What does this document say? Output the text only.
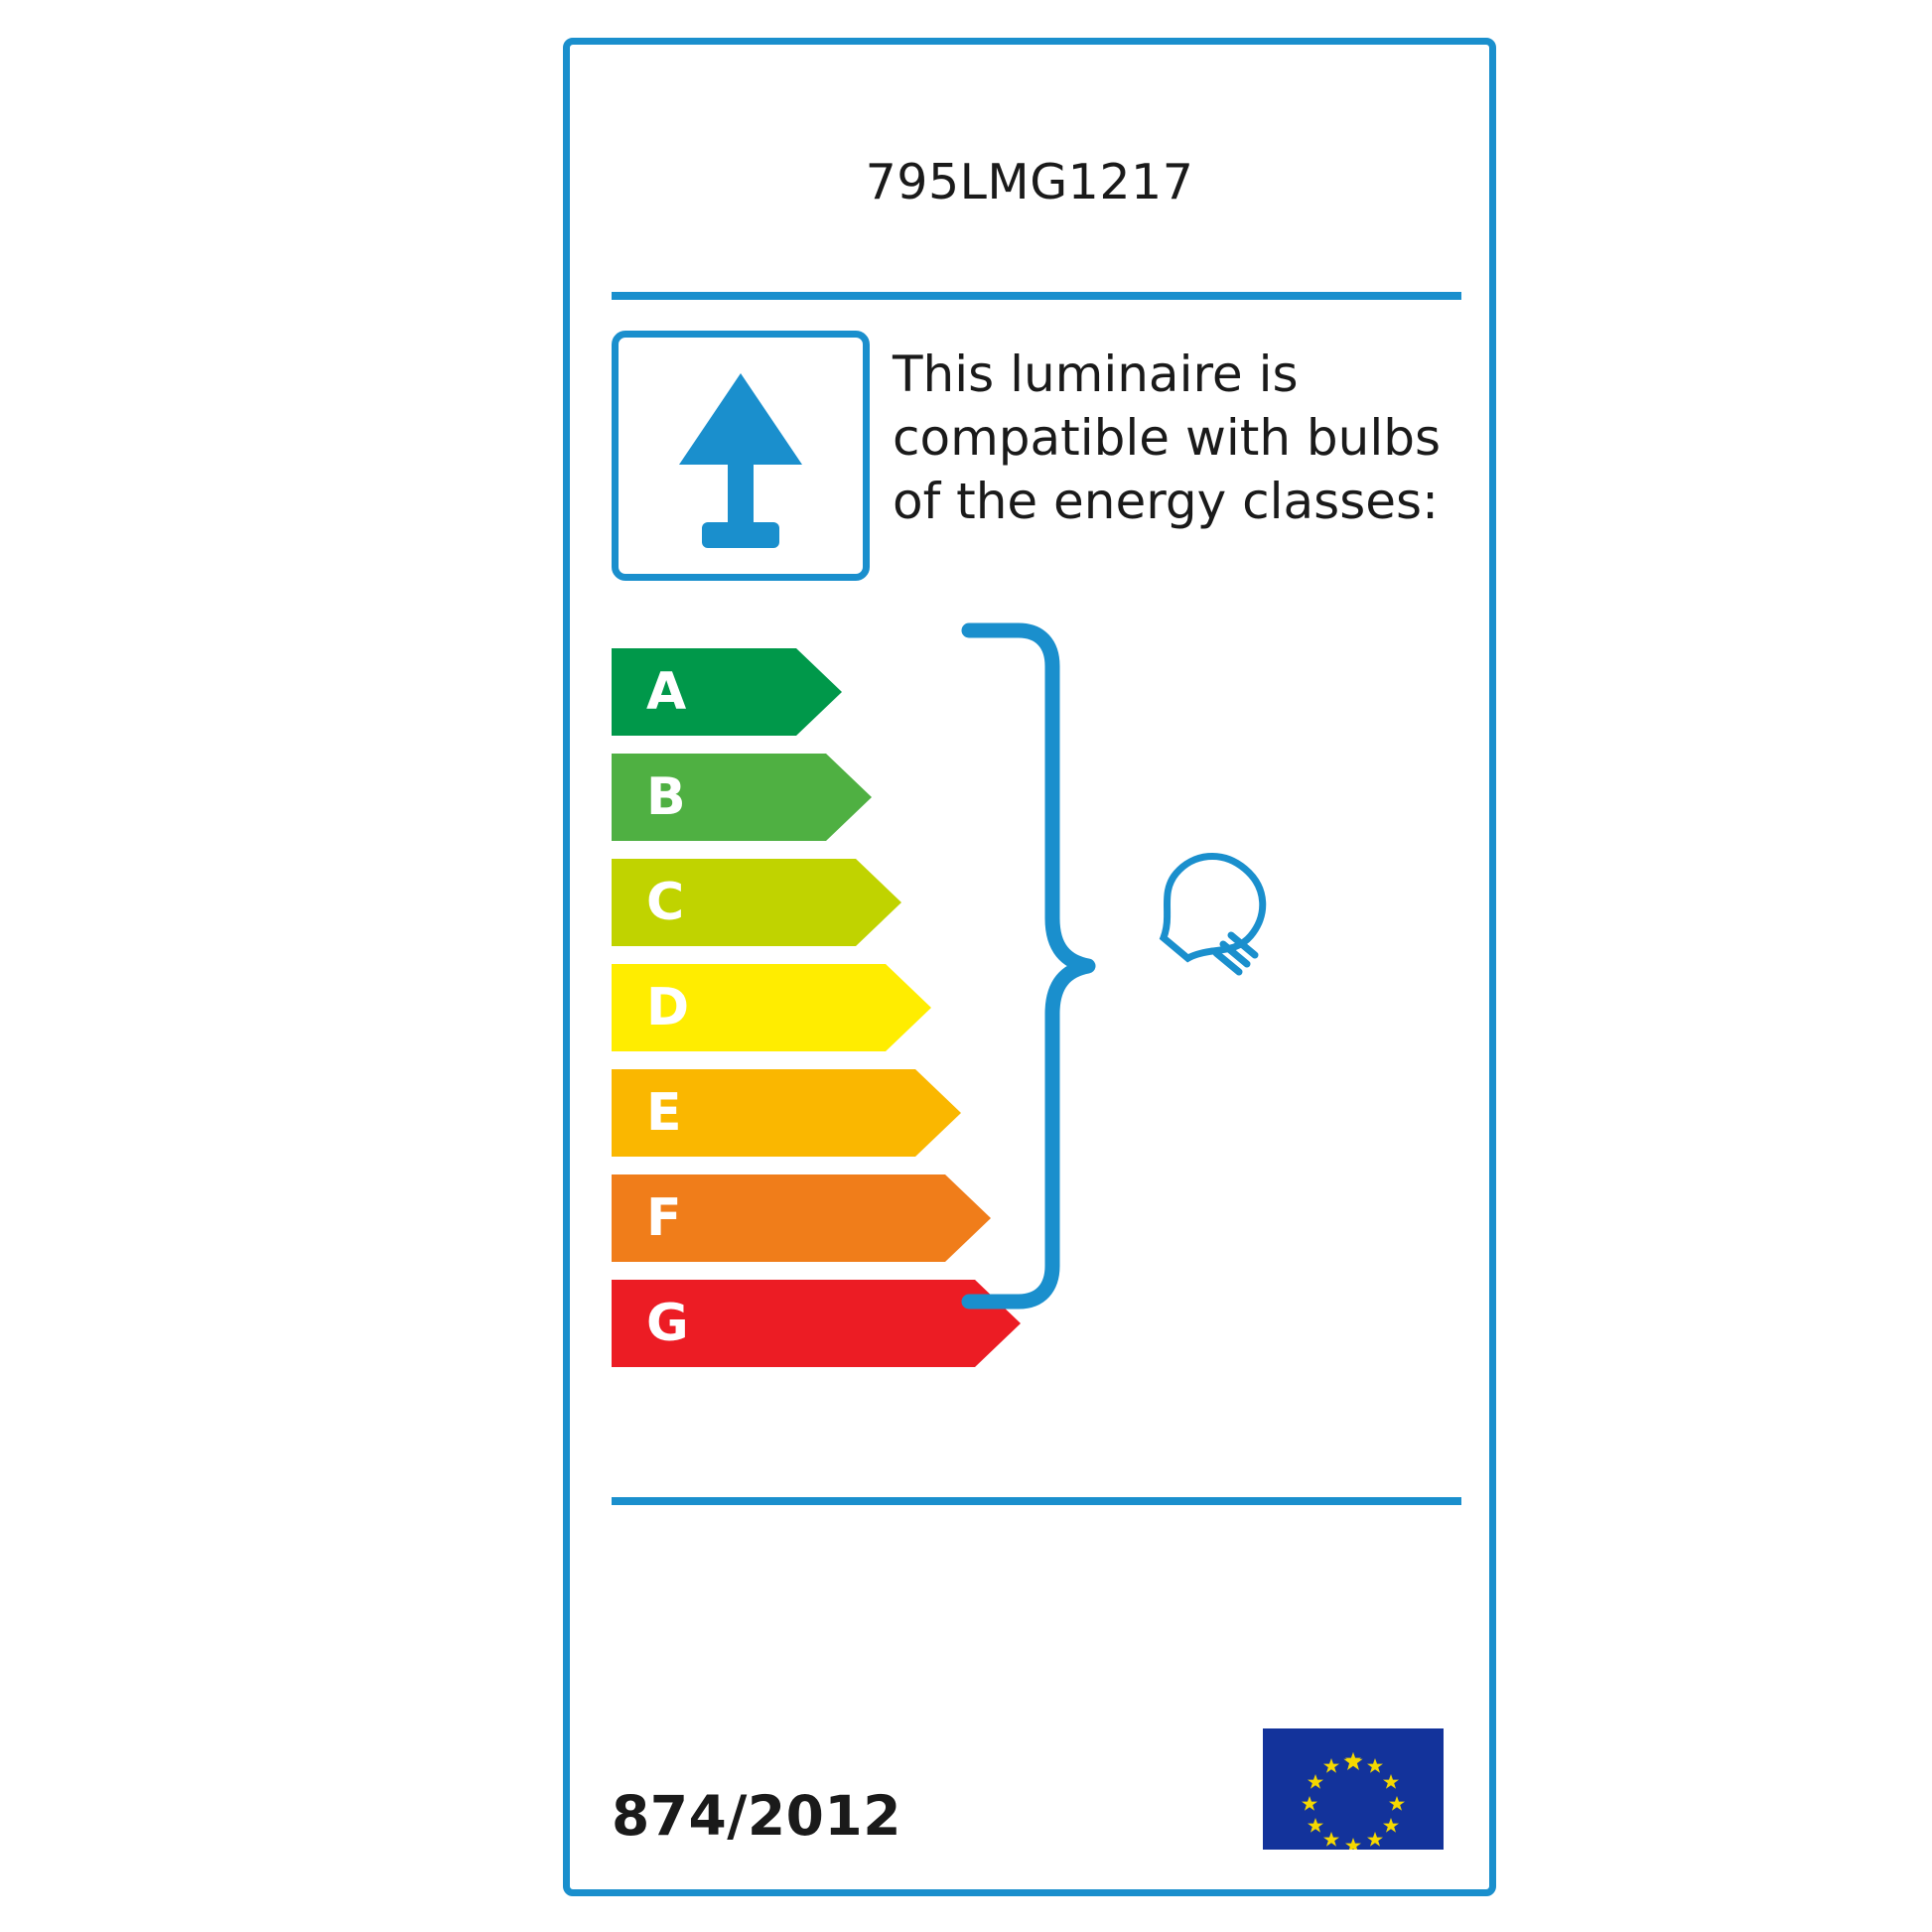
795LMG1217
This luminaire is compatible with bulbs of the energy classes:
A
B
C
D
E
F
G
874/2012
